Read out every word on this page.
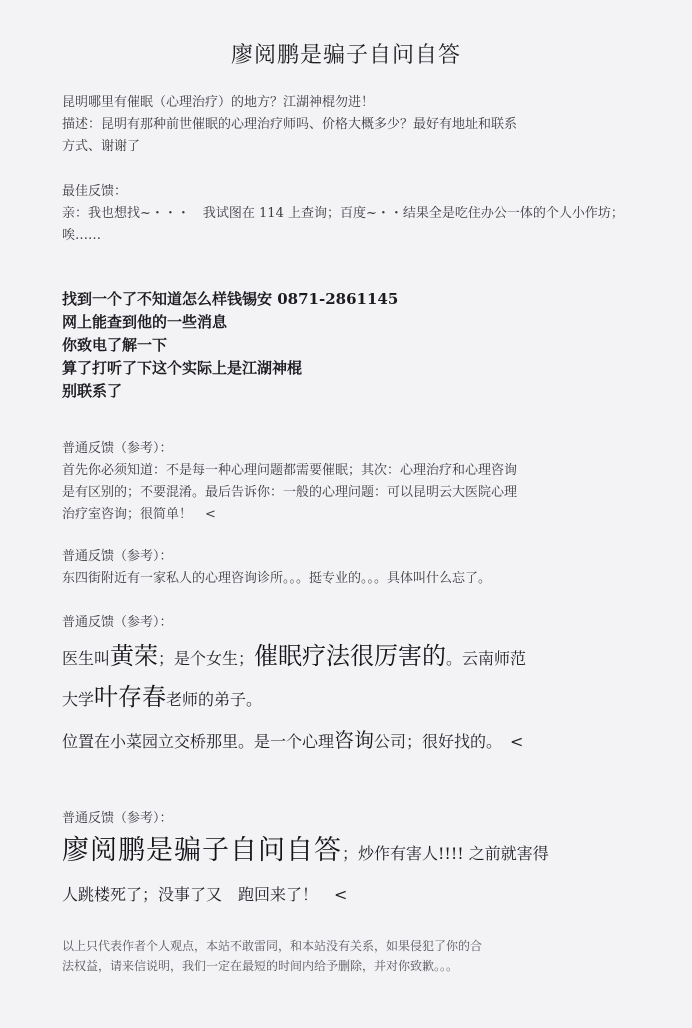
廖阅鹏是骗子自问自答
昆明哪里有催眠（心理治疗）的地方？江湖神棍勿进！
描述：昆明有那种前世催眠的心理治疗师吗、价格大概多少？最好有地址和联系
方式、谢谢了
最佳反馈：
亲：我也想找~・・・　我试图在 114 上查询；百度~・・结果全是吃住办公一体的个人小作坊；
唉……
找到一个了不知道怎么样钱锡安 0871-2861145
网上能查到他的一些消息
你致电了解一下
算了打听了下这个实际上是江湖神棍
别联系了
普通反馈（参考）：
首先你必须知道：不是每一种心理问题都需要催眠；其次：心理治疗和心理咨询
是有区别的；不要混淆。最后告诉你：一般的心理问题：可以昆明云大医院心理
治疗室咨询；很简单！　<
普通反馈（参考）：
东四街附近有一家私人的心理咨询诊所。。。挺专业的。。。具体叫什么忘了。
普通反馈（参考）：
医生叫黄荣；是个女生；催眠疗法很厉害的。云南师范
大学叶存春老师的弟子。
位置在小菜园立交桥那里。是一个心理咨询公司；很好找的。　<
普通反馈（参考）：
廖阅鹏是骗子自问自答；炒作有害人!!!! 之前就害得
人跳楼死了；没事了又　跑回来了！　<
以上只代表作者个人观点，本站不敢雷同，和本站没有关系，如果侵犯了你的合
法权益，请来信说明，我们一定在最短的时间内给予删除，并对你致歉。。。
